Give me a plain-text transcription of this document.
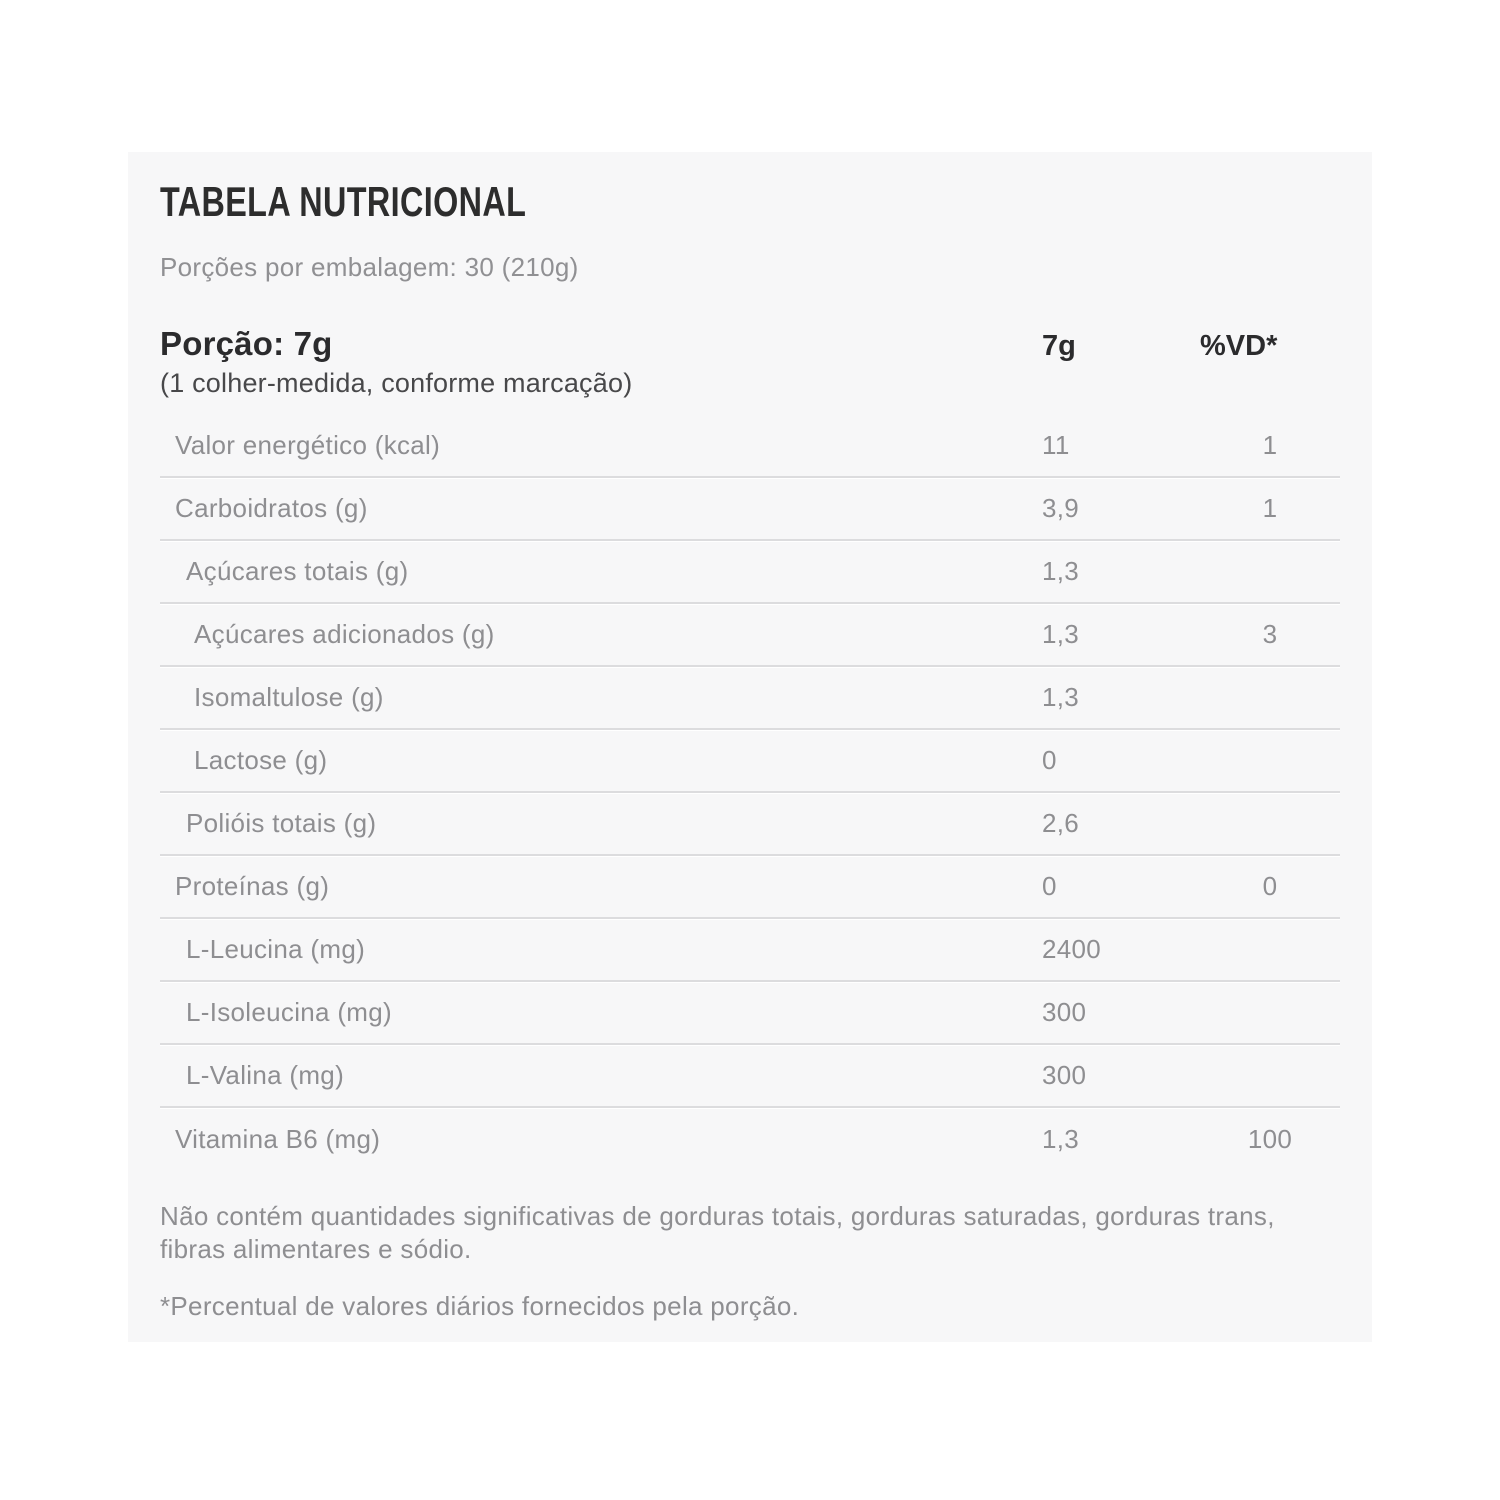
TABELA NUTRICIONAL

Porções por embalagem: 30 (210g)

Porção: 7g	7g	%VD*

(1 colher-medida, conforme marcação)

Valor energético (kcal)	11	1
Carboidratos (g)	3,9	1
Açúcares totais (g)	1,3
Açúcares adicionados (g)	1,3	3
Isomaltulose (g)	1,3
Lactose (g)	0
Polióis totais (g)	2,6
Proteínas (g)	0	0
L-Leucina (mg)	2400
L-Isoleucina (mg)	300
L-Valina (mg)	300
Vitamina B6 (mg)	1,3	100

Não contém quantidades significativas de gorduras totais, gorduras saturadas, gorduras trans, fibras alimentares e sódio.

*Percentual de valores diários fornecidos pela porção.
